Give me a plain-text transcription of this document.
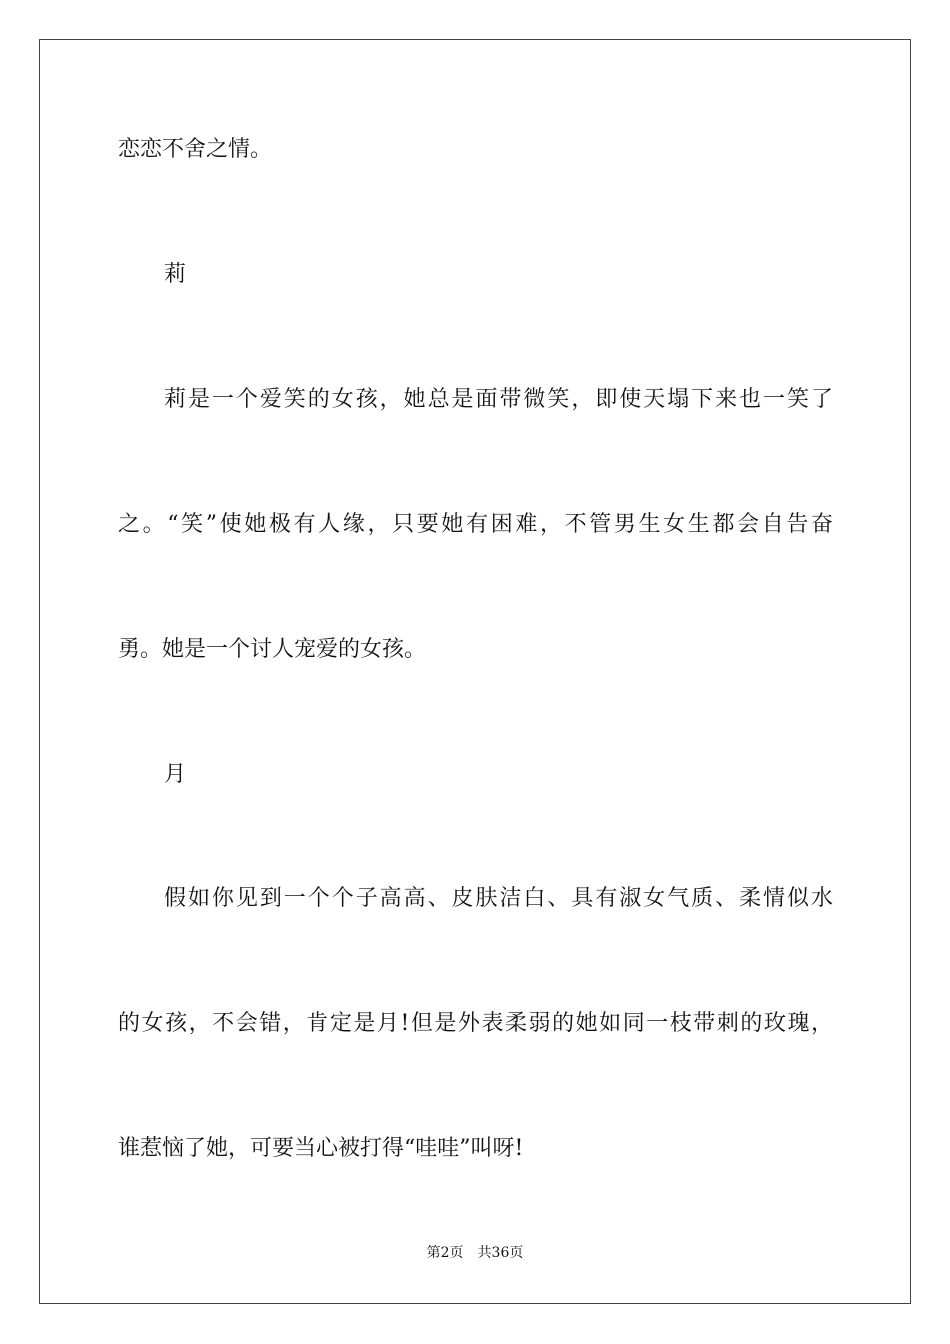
恋恋不舍之情。
莉
莉是一个爱笑的女孩，她总是面带微笑，即使天塌下来也一笑了
之。“笑”使她极有人缘，只要她有困难，不管男生女生都会自告奋
勇。她是一个讨人宠爱的女孩。
月
假如你见到一个个子高高、皮肤洁白、具有淑女气质、柔情似水
的女孩，不会错，肯定是月!但是外表柔弱的她如同一枝带刺的玫瑰，
谁惹恼了她，可要当心被打得“哇哇”叫呀!
第2页　共36页
